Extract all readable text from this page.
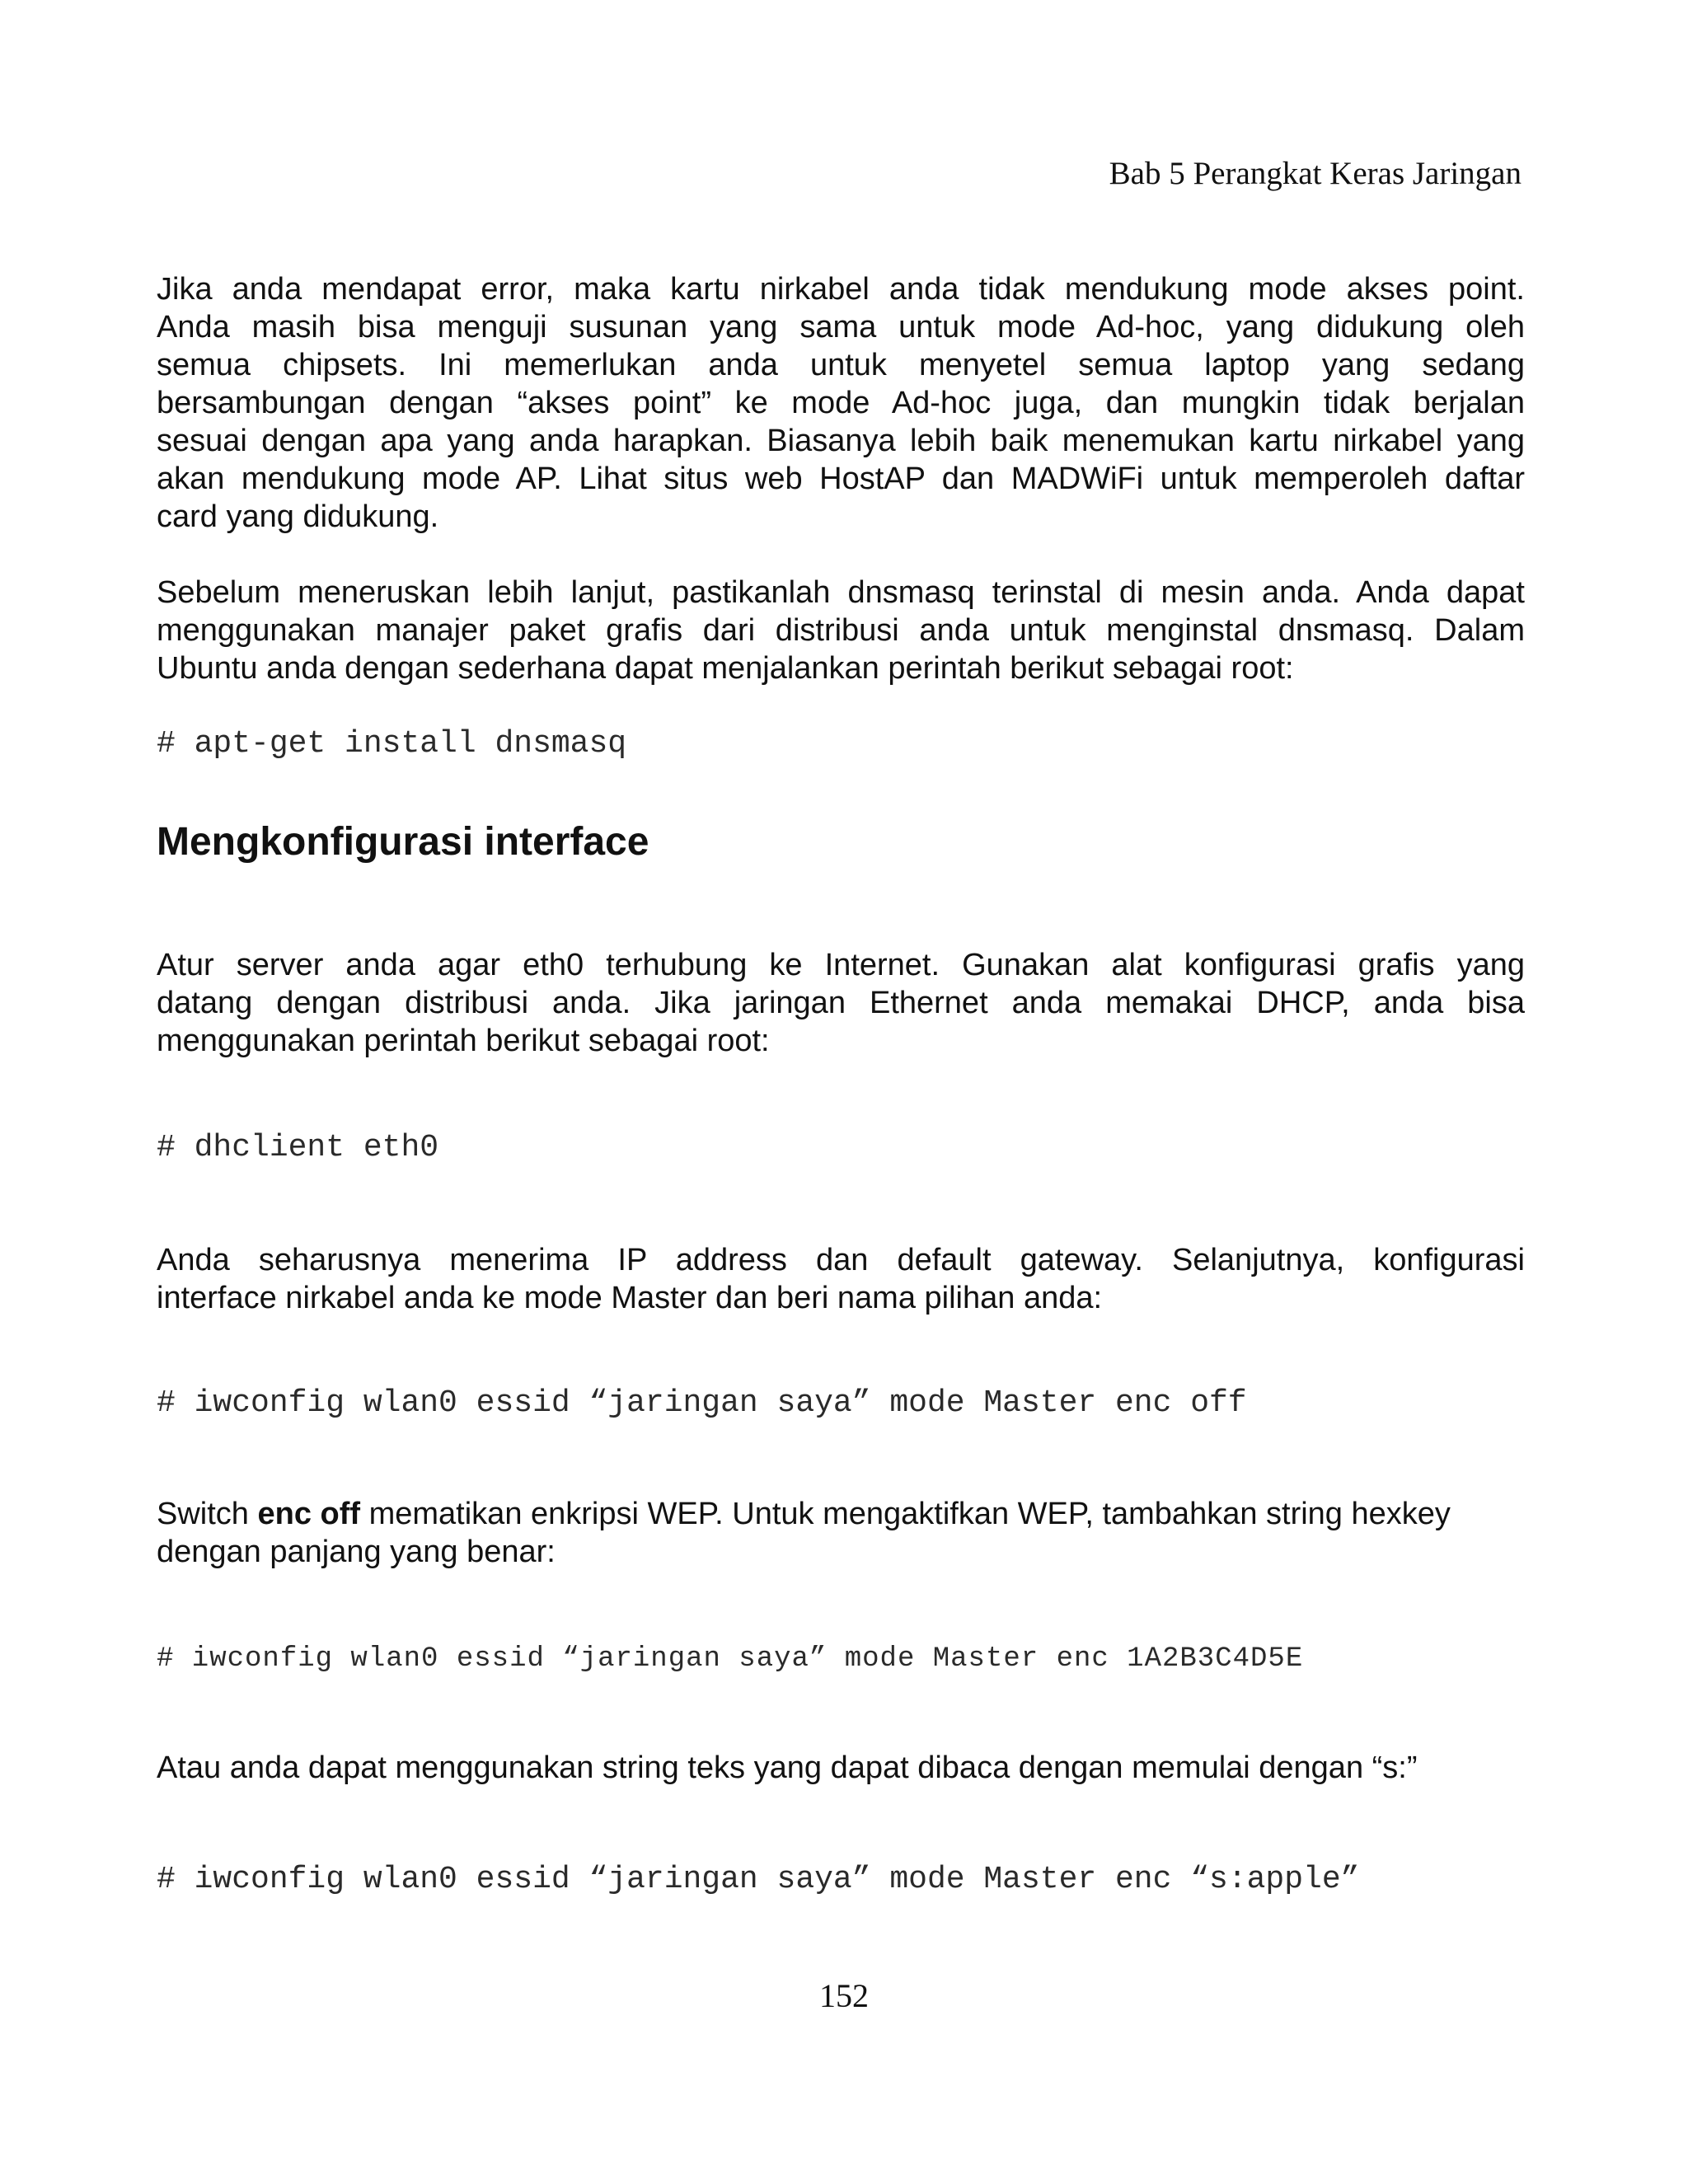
Bab 5 Perangkat Keras Jaringan
Jika anda mendapat error, maka kartu nirkabel anda tidak mendukung mode akses point.
Anda masih bisa menguji susunan yang sama untuk mode Ad-hoc, yang didukung oleh
semua chipsets. Ini memerlukan anda untuk menyetel semua laptop yang sedang
bersambungan dengan “akses point” ke mode Ad-hoc juga, dan mungkin tidak berjalan
sesuai dengan apa yang anda harapkan. Biasanya lebih baik menemukan kartu nirkabel yang
akan mendukung mode AP. Lihat situs web HostAP dan MADWiFi untuk memperoleh daftar
card yang didukung.
Sebelum meneruskan lebih lanjut, pastikanlah dnsmasq terinstal di mesin anda. Anda dapat
menggunakan manajer paket grafis dari distribusi anda untuk menginstal dnsmasq. Dalam
Ubuntu anda dengan sederhana dapat menjalankan perintah berikut sebagai root:
# apt-get install dnsmasq
Mengkonfigurasi interface
Atur server anda agar eth0 terhubung ke Internet. Gunakan alat konfigurasi grafis yang
datang dengan distribusi anda. Jika jaringan Ethernet anda memakai DHCP, anda bisa
menggunakan perintah berikut sebagai root:
# dhclient eth0
Anda seharusnya menerima IP address dan default gateway. Selanjutnya, konfigurasi
interface nirkabel anda ke mode Master dan beri nama pilihan anda:
# iwconfig wlan0 essid “jaringan saya” mode Master enc off
Switch enc off mematikan enkripsi WEP. Untuk mengaktifkan WEP, tambahkan string hexkey
dengan panjang yang benar:
# iwconfig wlan0 essid “jaringan saya” mode Master enc 1A2B3C4D5E
Atau anda dapat menggunakan string teks yang dapat dibaca dengan memulai dengan “s:”
# iwconfig wlan0 essid “jaringan saya” mode Master enc “s:apple”
152
